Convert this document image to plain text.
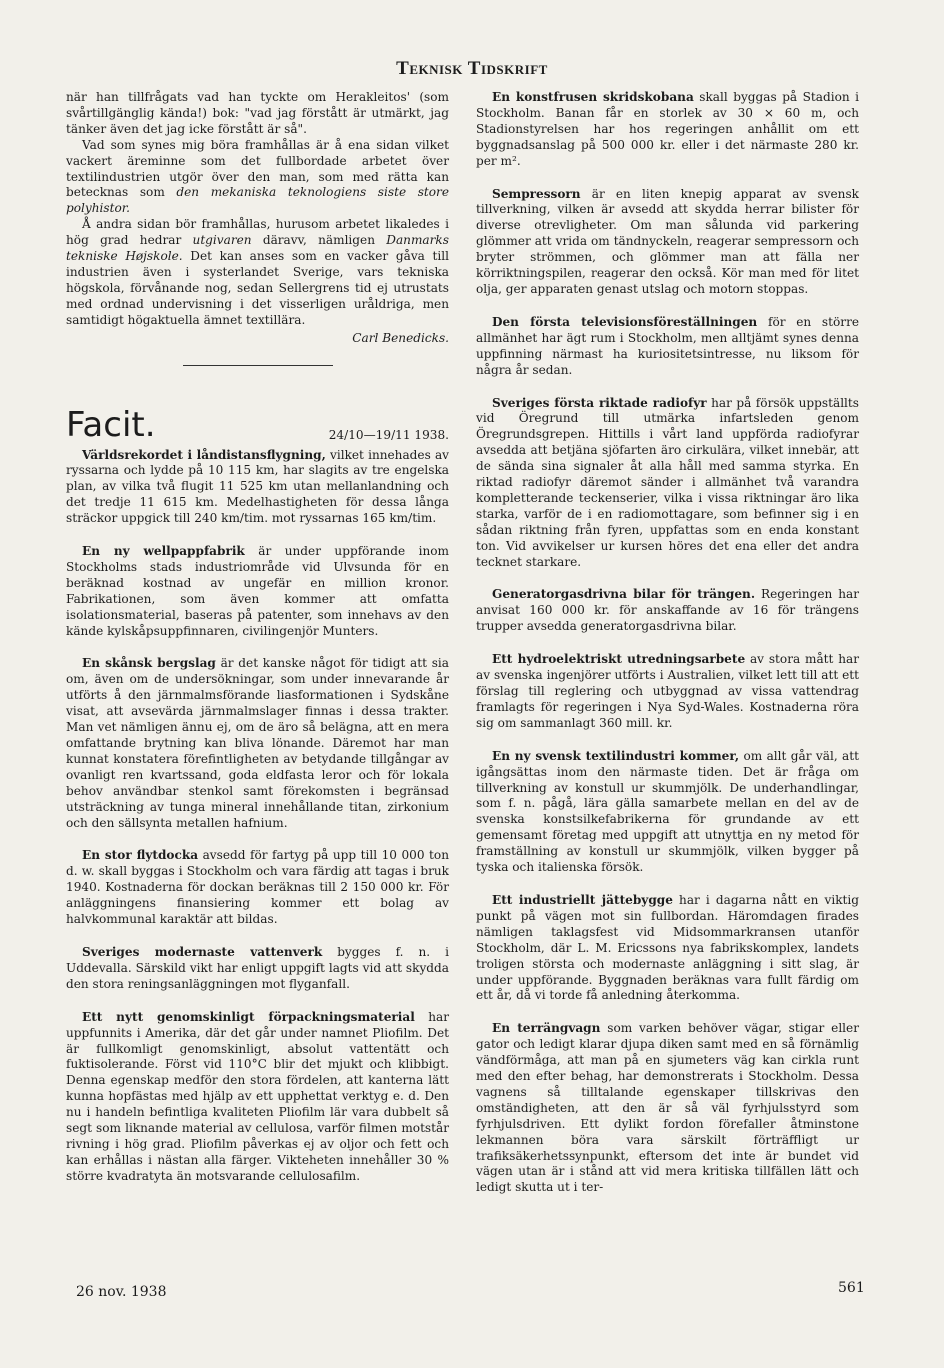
Teknisk Tidskrift

när han tillfrågats vad han tyckte om Herakleitos' (som svårtillgänglig kända!) bok: "vad jag förstått är utmärkt, jag tänker även det jag icke förstått är så".

Vad som synes mig böra framhållas är å ena sidan vilket vackert äreminne som det fullbordade arbetet över textilindustrien utgör över den man, som med rätta kan betecknas som den mekaniska teknologiens siste store polyhistor.

Å andra sidan bör framhållas, hurusom arbetet likaledes i hög grad hedrar utgivaren däravv, nämligen Danmarks tekniske Højskole. Det kan anses som en vacker gåva till industrien även i systerlandet Sverige, vars tekniska högskola, förvånande nog, sedan Sellergrens tid ej utrustats med ordnad undervisning i det visserligen uråldriga, men samtidigt högaktuella ämnet textillära.

Carl Benedicks.
Facit.	24/10—19/11 1938.

Världsrekordet i låndistansflygning, vilket innehades av ryssarna och lydde på 10 115 km, har slagits av tre engelska plan, av vilka två flugit 11 525 km utan mellanlandning och det tredje 11 615 km. Medelhastigheten för dessa långa sträckor uppgick till 240 km/tim. mot ryssarnas 165 km/tim.

En ny wellpappfabrik är under uppförande inom Stockholms stads industriområde vid Ulvsunda för en beräknad kostnad av ungefär en million kronor. Fabrikationen, som även kommer att omfatta isolationsmaterial, baseras på patenter, som innehavs av den kände kylskåpsuppfinnaren, civilingenjör Munters.

En skånsk bergslag är det kanske något för tidigt att sia om, även om de undersökningar, som under innevarande år utförts å den järnmalmsförande liasformationen i Sydskåne visat, att avsevärda järnmalmslager finnas i dessa trakter. Man vet nämligen ännu ej, om de äro så belägna, att en mera omfattande brytning kan bliva lönande. Däremot har man kunnat konstatera förefintligheten av betydande tillgångar av ovanligt ren kvartssand, goda eldfasta leror och för lokala behov användbar stenkol samt förekomsten i begränsad utsträckning av tunga mineral innehållande titan, zirkonium och den sällsynta metallen hafnium.

En stor flytdocka avsedd för fartyg på upp till 10 000 ton d. w. skall byggas i Stockholm och vara färdig att tagas i bruk 1940. Kostnaderna för dockan beräknas till 2 150 000 kr. För anläggningens finansiering kommer ett bolag av halvkommunal karaktär att bildas.

Sveriges modernaste vattenverk bygges f. n. i Uddevalla. Särskild vikt har enligt uppgift lagts vid att skydda den stora reningsanläggningen mot flyganfall.

Ett nytt genomskinligt förpackningsmaterial har uppfunnits i Amerika, där det går under namnet Pliofilm. Det är fullkomligt genomskinligt, absolut vattentätt och fuktisolerande. Först vid 110°C blir det mjukt och klibbigt. Denna egenskap medför den stora fördelen, att kanterna lätt kunna hopfästas med hjälp av ett upphettat verktyg e. d. Den nu i handeln befintliga kvaliteten Pliofilm lär vara dubbelt så segt som liknande material av cellulosa, varför filmen motstår rivning i hög grad. Pliofilm påverkas ej av oljor och fett och kan erhållas i nästan alla färger. Vikteheten innehåller 30 % större kvadratyta än motsvarande cellulosafilm.

En konstfrusen skridskobana skall byggas på Stadion i Stockholm. Banan får en storlek av 30 × 60 m, och Stadionstyrelsen har hos regeringen anhållit om ett byggnadsanslag på 500 000 kr. eller i det närmaste 280 kr. per m².

Sempressorn är en liten knepig apparat av svensk tillverkning, vilken är avsedd att skydda herrar bilister för diverse otrevligheter. Om man sålunda vid parkering glömmer att vrida om tändnyckeln, reagerar sempressorn och bryter strömmen, och glömmer man att fälla ner körriktningspilen, reagerar den också. Kör man med för litet olja, ger apparaten genast utslag och motorn stoppas.

Den första televisionsföreställningen för en större allmänhet har ägt rum i Stockholm, men alltjämt synes denna uppfinning närmast ha kuriositetsintresse, nu liksom för några år sedan.

Sveriges första riktade radiofyr har på försök uppställts vid Öregrund till utmärka infartsleden genom Öregrundsgrepen. Hittills i vårt land uppförda radiofyrar avsedda att betjäna sjöfarten äro cirkulära, vilket innebär, att de sända sina signaler åt alla håll med samma styrka. En riktad radiofyr däremot sänder i allmänhet två varandra kompletterande teckenserier, vilka i vissa riktningar äro lika starka, varför de i en radiomottagare, som befinner sig i en sådan riktning från fyren, uppfattas som en enda konstant ton. Vid avvikelser ur kursen höres det ena eller det andra tecknet starkare.

Generatorgasdrivna bilar för trängen. Regeringen har anvisat 160 000 kr. för anskaffande av 16 för trängens trupper avsedda generatorgasdrivna bilar.

Ett hydroelektriskt utredningsarbete av stora mått har av svenska ingenjörer utförts i Australien, vilket lett till att ett förslag till reglering och utbyggnad av vissa vattendrag framlagts för regeringen i Nya Syd-Wales. Kostnaderna röra sig om sammanlagt 360 mill. kr.

En ny svensk textilindustri kommer, om allt går väl, att igångsättas inom den närmaste tiden. Det är fråga om tillverkning av konstull ur skummjölk. De underhandlingar, som f. n. pågå, lära gälla samarbete mellan en del av de svenska konstsilkefabrikerna för grundande av ett gemensamt företag med uppgift att utnyttja en ny metod för framställning av konstull ur skummjölk, vilken bygger på tyska och italienska försök.

Ett industriellt jättebygge har i dagarna nått en viktig punkt på vägen mot sin fullbordan. Häromdagen firades nämligen taklagsfest vid Midsommarkransen utanför Stockholm, där L. M. Ericssons nya fabrikskomplex, landets troligen största och modernaste anläggning i sitt slag, är under uppförande. Byggnaden beräknas vara fullt färdig om ett år, då vi torde få anledning återkomma.

En terrängvagn som varken behöver vägar, stigar eller gator och ledigt klarar djupa diken samt med en så förnämlig vändförmåga, att man på en sjumeters väg kan cirkla runt med den efter behag, har demonstrerats i Stockholm. Dessa vagnens så tilltalande egenskaper tillskrivas den omständigheten, att den är så väl fyrhjulsstyrd som fyrhjulsdriven. Ett dylikt fordon förefaller åtminstone lekmannen böra vara särskilt förträffligt ur trafiksäkerhetssynpunkt, eftersom det inte är bundet vid vägen utan är i stånd att vid mera kritiska tillfällen lätt och ledigt skutta ut i ter-

26 nov. 1938	561
